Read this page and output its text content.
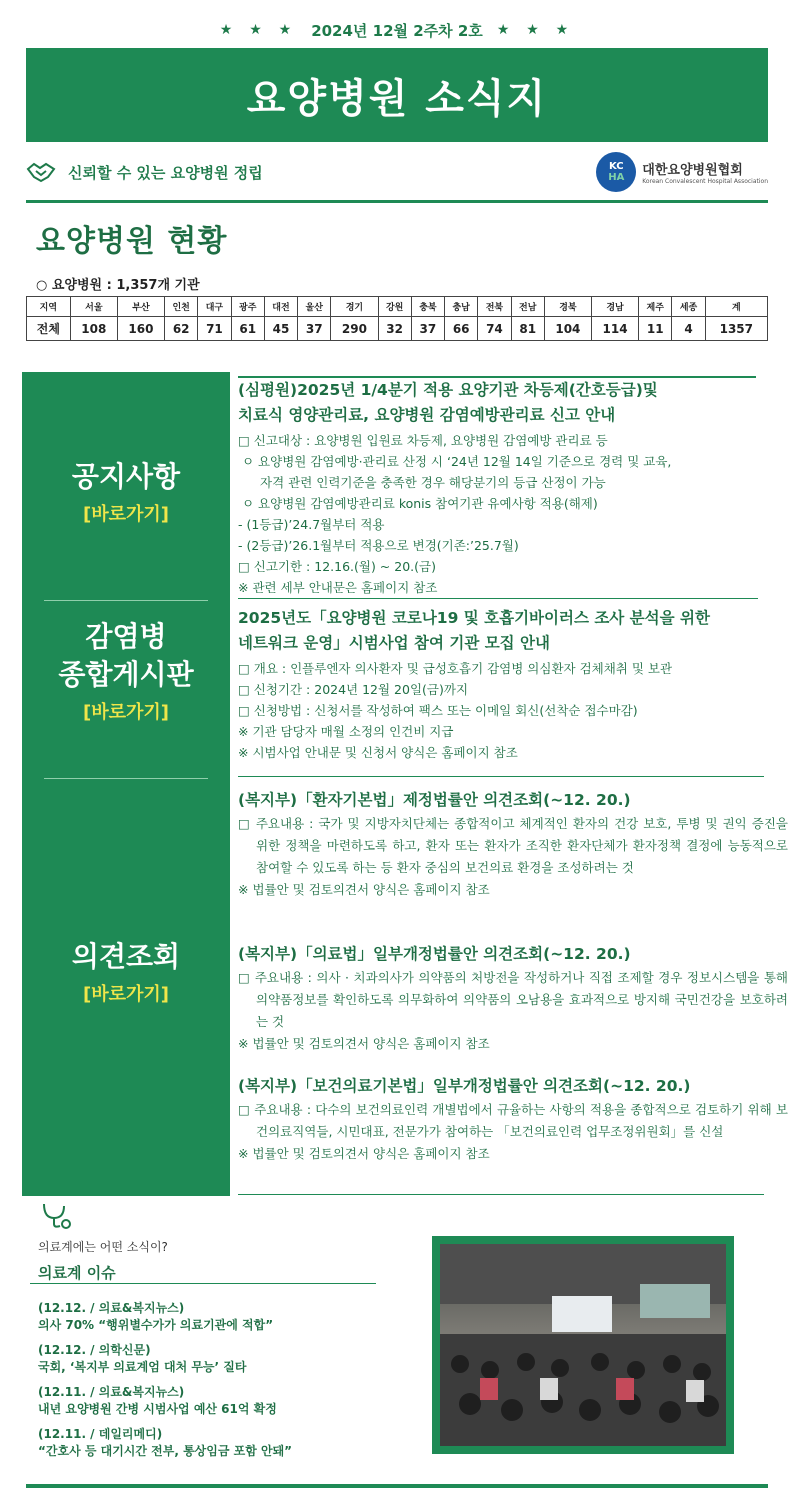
★ ★ ★ 2024년 12월 2주차 2호 ★ ★ ★
요양병원 소식지
신뢰할 수 있는 요양병원 정립	KC
HA 대한요양병원협회
Korean Convalescent Hospital Association
요양병원 현황
○ 요양병원 : 1,357개 기관
지역	서울	부산	인천	대구	광주	대전	울산	경기	강원	충북	충남	전북	전남	경북	경남	제주	세종	계
전체	108	160	62	71	61	45	37	290	32	37	66	74	81	104	114	11	4	1357
공지사항
[바로가기]
감염병
종합게시판
[바로가기]
의견조회
[바로가기]
(심평원)2025년 1/4분기 적용 요양기관 차등제(간호등급)및
치료식 영양관리료, 요양병원 감염예방관리료 신고 안내
□ 신고대상 : 요양병원 입원료 차등제, 요양병원 감염예방 관리료 등
ㅇ 요양병원 감염예방·관리료 산정 시 ‘24년 12월 14일 기준으로 경력 및 교육,
자격 관련 인력기준을 충족한 경우 해당분기의 등급 산정이 가능
ㅇ 요양병원 감염예방관리료 konis 참여기관 유예사항 적용(해제)
- (1등급)’24.7월부터 적용
- (2등급)’26.1월부터 적용으로 변경(기존:’25.7월)
□ 신고기한 : 12.16.(월) ~ 20.(금)
※ 관련 세부 안내문은 홈페이지 참조
2025년도「요양병원 코로나19 및 호흡기바이러스 조사 분석을 위한
네트워크 운영」시범사업 참여 기관 모집 안내
□ 개요 : 인플루엔자 의사환자 및 급성호흡기 감염병 의심환자 검체채취 및 보관
□ 신청기간 : 2024년 12월 20일(금)까지
□ 신청방법 : 신청서를 작성하여 팩스 또는 이메일 회신(선착순 접수마감)
※ 기관 담당자 매월 소정의 인건비 지급
※ 시범사업 안내문 및 신청서 양식은 홈페이지 참조
(복지부)「환자기본법」제정법률안 의견조회(~12. 20.)
□ 주요내용 : 국가 및 지방자치단체는 종합적이고 체계적인 환자의 건강 보호, 투병 및 권익 증진을 위한 정책을 마련하도록 하고, 환자 또는 환자가 조직한 환자단체가 환자정책 결정에 능동적으로 참여할 수 있도록 하는 등 환자 중심의 보건의료 환경을 조성하려는 것
※ 법률안 및 검토의견서 양식은 홈페이지 참조
(복지부)「의료법」일부개정법률안 의견조회(~12. 20.)
□ 주요내용 : 의사 · 치과의사가 의약품의 처방전을 작성하거나 직접 조제할 경우 정보시스템을 통해 의약품정보를 확인하도록 의무화하여 의약품의 오남용을 효과적으로 방지해 국민건강을 보호하려는 것
※ 법률안 및 검토의견서 양식은 홈페이지 참조
(복지부)「보건의료기본법」일부개정법률안 의견조회(~12. 20.)
□ 주요내용 : 다수의 보건의료인력 개별법에서 규율하는 사항의 적용을 종합적으로 검토하기 위해 보건의료직역들, 시민대표, 전문가가 참여하는 「보건의료인력 업무조정위원회」를 신설
※ 법률안 및 검토의견서 양식은 홈페이지 참조
의료계에는 어떤 소식이?
의료계 이슈
(12.12. / 의료&복지뉴스)
의사 70% “행위별수가가 의료기관에 적합”
(12.12. / 의학신문)
국회, ‘복지부 의료계엄 대처 무능’ 질타
(12.11. / 의료&복지뉴스)
내년 요양병원 간병 시범사업 예산 61억 확정
(12.11. / 데일리메디)
“간호사 등 대기시간 전부, 통상임금 포함 안돼”
